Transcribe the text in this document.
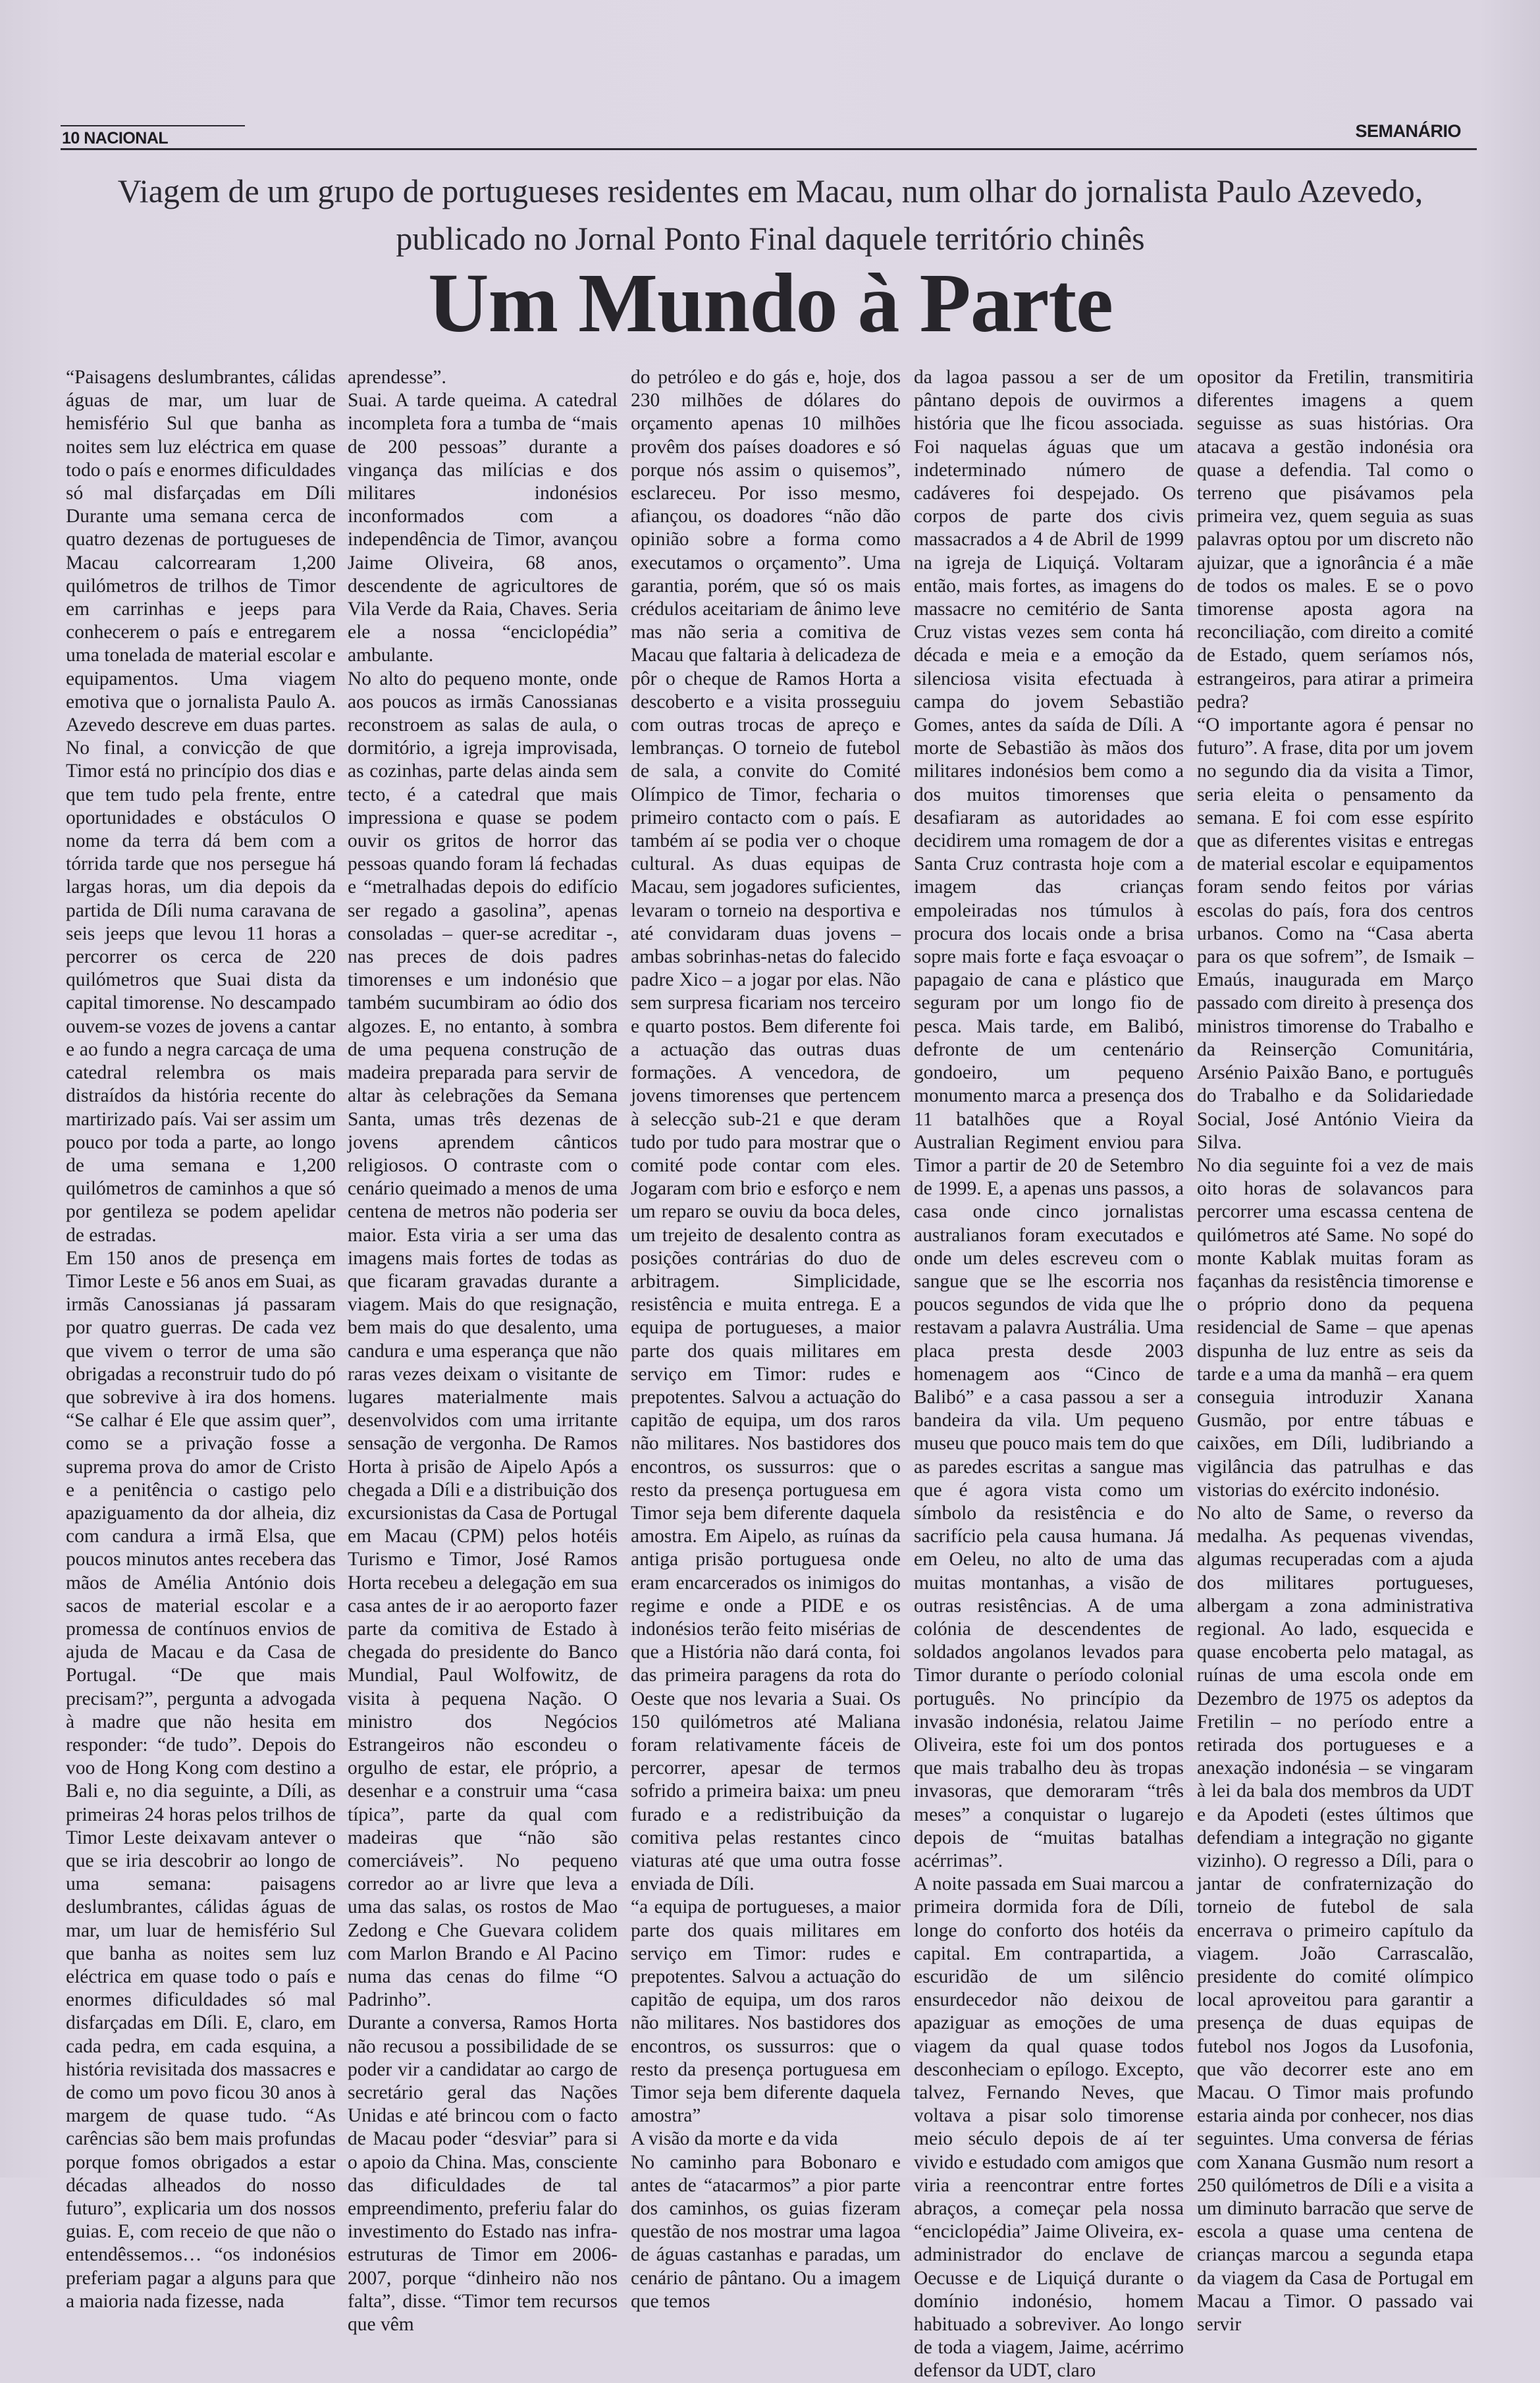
10 NACIONAL	SEMANÁRIO
Viagem de um grupo de portugueses residentes em Macau, num olhar do jornalista Paulo Azevedo, publicado no Jornal Ponto Final daquele território chinês
Um Mundo à Parte

“Paisagens deslumbrantes, cálidas águas de mar, um luar de hemisfério Sul que banha as noites sem luz eléctrica em quase todo o país e enormes dificuldades só mal disfarçadas em Díli Durante uma semana cerca de quatro dezenas de portugueses de Macau calcorrearam 1,200 quilómetros de trilhos de Timor em carrinhas e jeeps para conhecerem o país e entregarem uma tonelada de material escolar e equipamentos. Uma viagem emotiva que o jornalista Paulo A. Azevedo descreve em duas partes. No final, a convicção de que Timor está no princípio dos dias e que tem tudo pela frente, entre oportunidades e obstáculos O nome da terra dá bem com a tórrida tarde que nos persegue há largas horas, um dia depois da partida de Díli numa caravana de seis jeeps que levou 11 horas a percorrer os cerca de 220 quilómetros que Suai dista da capital timorense. No descampado ouvem-se vozes de jovens a cantar e ao fundo a negra carcaça de uma catedral relembra os mais distraídos da história recente do martirizado país. Vai ser assim um pouco por toda a parte, ao longo de uma semana e 1,200 quilómetros de caminhos a que só por gentileza se podem apelidar de estradas.

Em 150 anos de presença em Timor Leste e 56 anos em Suai, as irmãs Canossianas já passaram por quatro guerras. De cada vez que vivem o terror de uma são obrigadas a reconstruir tudo do pó que sobrevive à ira dos homens. “Se calhar é Ele que assim quer”, como se a privação fosse a suprema prova do amor de Cristo e a penitência o castigo pelo apaziguamento da dor alheia, diz com candura a irmã Elsa, que poucos minutos antes recebera das mãos de Amélia António dois sacos de material escolar e a promessa de contínuos envios de ajuda de Macau e da Casa de Portugal. “De que mais precisam?”, pergunta a advogada à madre que não hesita em responder: “de tudo”. Depois do voo de Hong Kong com destino a Bali e, no dia seguinte, a Díli, as primeiras 24 horas pelos trilhos de Timor Leste deixavam antever o que se iria descobrir ao longo de uma semana: paisagens deslumbrantes, cálidas águas de mar, um luar de hemisfério Sul que banha as noites sem luz eléctrica em quase todo o país e enormes dificuldades só mal disfarçadas em Díli. E, claro, em cada pedra, em cada esquina, a história revisitada dos massacres e de como um povo ficou 30 anos à margem de quase tudo. “As carências são bem mais profundas porque fomos obrigados a estar décadas alheados do nosso futuro”, explicaria um dos nossos guias. E, com receio de que não o entendêssemos… “os indonésios preferiam pagar a alguns para que a maioria nada fizesse, nada

aprendesse”.

Suai. A tarde queima. A catedral incompleta fora a tumba de “mais de 200 pessoas” durante a vingança das milícias e dos militares indonésios inconformados com a independência de Timor, avançou Jaime Oliveira, 68 anos, descendente de agricultores de Vila Verde da Raia, Chaves. Seria ele a nossa “enciclopédia” ambulante.

No alto do pequeno monte, onde aos poucos as irmãs Canossianas reconstroem as salas de aula, o dormitório, a igreja improvisada, as cozinhas, parte delas ainda sem tecto, é a catedral que mais impressiona e quase se podem ouvir os gritos de horror das pessoas quando foram lá fechadas e “metralhadas depois do edifício ser regado a gasolina”, apenas consoladas – quer-se acreditar -, nas preces de dois padres timorenses e um indonésio que também sucumbiram ao ódio dos algozes. E, no entanto, à sombra de uma pequena construção de madeira preparada para servir de altar às celebrações da Semana Santa, umas três dezenas de jovens aprendem cânticos religiosos. O contraste com o cenário queimado a menos de uma centena de metros não poderia ser maior. Esta viria a ser uma das imagens mais fortes de todas as que ficaram gravadas durante a viagem. Mais do que resignação, bem mais do que desalento, uma candura e uma esperança que não raras vezes deixam o visitante de lugares materialmente mais desenvolvidos com uma irritante sensação de vergonha. De Ramos Horta à prisão de Aipelo Após a chegada a Díli e a distribuição dos excursionistas da Casa de Portugal em Macau (CPM) pelos hotéis Turismo e Timor, José Ramos Horta recebeu a delegação em sua casa antes de ir ao aeroporto fazer parte da comitiva de Estado à chegada do presidente do Banco Mundial, Paul Wolfowitz, de visita à pequena Nação. O ministro dos Negócios Estrangeiros não escondeu o orgulho de estar, ele próprio, a desenhar e a construir uma “casa típica”, parte da qual com madeiras que “não são comerciáveis”. No pequeno corredor ao ar livre que leva a uma das salas, os rostos de Mao Zedong e Che Guevara colidem com Marlon Brando e Al Pacino numa das cenas do filme “O Padrinho”.

Durante a conversa, Ramos Horta não recusou a possibilidade de se poder vir a candidatar ao cargo de secretário geral das Nações Unidas e até brincou com o facto de Macau poder “desviar” para si o apoio da China. Mas, consciente das dificuldades de tal empreendimento, preferiu falar do investimento do Estado nas infra-estruturas de Timor em 2006-2007, porque “dinheiro não nos falta”, disse. “Timor tem recursos que vêm

do petróleo e do gás e, hoje, dos 230 milhões de dólares do orçamento apenas 10 milhões provêm dos países doadores e só porque nós assim o quisemos”, esclareceu. Por isso mesmo, afiançou, os doadores “não dão opinião sobre a forma como executamos o orçamento”. Uma garantia, porém, que só os mais crédulos aceitariam de ânimo leve mas não seria a comitiva de Macau que faltaria à delicadeza de pôr o cheque de Ramos Horta a descoberto e a visita prosseguiu com outras trocas de apreço e lembranças. O torneio de futebol de sala, a convite do Comité Olímpico de Timor, fecharia o primeiro contacto com o país. E também aí se podia ver o choque cultural. As duas equipas de Macau, sem jogadores suficientes, levaram o torneio na desportiva e até convidaram duas jovens – ambas sobrinhas-netas do falecido padre Xico – a jogar por elas. Não sem surpresa ficariam nos terceiro e quarto postos. Bem diferente foi a actuação das outras duas formações. A vencedora, de jovens timorenses que pertencem à selecção sub-21 e que deram tudo por tudo para mostrar que o comité pode contar com eles. Jogaram com brio e esforço e nem um reparo se ouviu da boca deles, um trejeito de desalento contra as posições contrárias do duo de arbitragem. Simplicidade, resistência e muita entrega. E a equipa de portugueses, a maior parte dos quais militares em serviço em Timor: rudes e prepotentes. Salvou a actuação do capitão de equipa, um dos raros não militares. Nos bastidores dos encontros, os sussurros: que o resto da presença portuguesa em Timor seja bem diferente daquela amostra. Em Aipelo, as ruínas da antiga prisão portuguesa onde eram encarcerados os inimigos do regime e onde a PIDE e os indonésios terão feito misérias de que a História não dará conta, foi das primeira paragens da rota do Oeste que nos levaria a Suai. Os 150 quilómetros até Maliana foram relativamente fáceis de percorrer, apesar de termos sofrido a primeira baixa: um pneu furado e a redistribuição da comitiva pelas restantes cinco viaturas até que uma outra fosse enviada de Díli.

“a equipa de portugueses, a maior parte dos quais militares em serviço em Timor: rudes e prepotentes. Salvou a actuação do capitão de equipa, um dos raros não militares. Nos bastidores dos encontros, os sussurros: que o resto da presença portuguesa em Timor seja bem diferente daquela amostra”

A visão da morte e da vida

No caminho para Bobonaro e antes de “atacarmos” a pior parte dos caminhos, os guias fizeram questão de nos mostrar uma lagoa de águas castanhas e paradas, um cenário de pântano. Ou a imagem que temos

da lagoa passou a ser de um pântano depois de ouvirmos a história que lhe ficou associada. Foi naquelas águas que um indeterminado número de cadáveres foi despejado. Os corpos de parte dos civis massacrados a 4 de Abril de 1999 na igreja de Liquiçá. Voltaram então, mais fortes, as imagens do massacre no cemitério de Santa Cruz vistas vezes sem conta há década e meia e a emoção da silenciosa visita efectuada à campa do jovem Sebastião Gomes, antes da saída de Díli. A morte de Sebastião às mãos dos militares indonésios bem como a dos muitos timorenses que desafiaram as autoridades ao decidirem uma romagem de dor a Santa Cruz contrasta hoje com a imagem das crianças empoleiradas nos túmulos à procura dos locais onde a brisa sopre mais forte e faça esvoaçar o papagaio de cana e plástico que seguram por um longo fio de pesca. Mais tarde, em Balibó, defronte de um centenário gondoeiro, um pequeno monumento marca a presença dos 11 batalhões que a Royal Australian Regiment enviou para Timor a partir de 20 de Setembro de 1999. E, a apenas uns passos, a casa onde cinco jornalistas australianos foram executados e onde um deles escreveu com o sangue que se lhe escorria nos poucos segundos de vida que lhe restavam a palavra Austrália. Uma placa presta desde 2003 homenagem aos “Cinco de Balibó” e a casa passou a ser a bandeira da vila. Um pequeno museu que pouco mais tem do que as paredes escritas a sangue mas que é agora vista como um símbolo da resistência e do sacrifício pela causa humana. Já em Oeleu, no alto de uma das muitas montanhas, a visão de outras resistências. A de uma colónia de descendentes de soldados angolanos levados para Timor durante o período colonial português. No princípio da invasão indonésia, relatou Jaime Oliveira, este foi um dos pontos que mais trabalho deu às tropas invasoras, que demoraram “três meses” a conquistar o lugarejo depois de “muitas batalhas acérrimas”.

A noite passada em Suai marcou a primeira dormida fora de Díli, longe do conforto dos hotéis da capital. Em contrapartida, a escuridão de um silêncio ensurdecedor não deixou de apaziguar as emoções de uma viagem da qual quase todos desconheciam o epílogo. Excepto, talvez, Fernando Neves, que voltava a pisar solo timorense meio século depois de aí ter vivido e estudado com amigos que viria a reencontrar entre fortes abraços, a começar pela nossa “enciclopédia” Jaime Oliveira, ex-administrador do enclave de Oecusse e de Liquiçá durante o domínio indonésio, homem habituado a sobreviver. Ao longo de toda a viagem, Jaime, acérrimo defensor da UDT, claro

opositor da Fretilin, transmitiria diferentes imagens a quem seguisse as suas histórias. Ora atacava a gestão indonésia ora quase a defendia. Tal como o terreno que pisávamos pela primeira vez, quem seguia as suas palavras optou por um discreto não ajuizar, que a ignorância é a mãe de todos os males. E se o povo timorense aposta agora na reconciliação, com direito a comité de Estado, quem seríamos nós, estrangeiros, para atirar a primeira pedra?

“O importante agora é pensar no futuro”. A frase, dita por um jovem no segundo dia da visita a Timor, seria eleita o pensamento da semana. E foi com esse espírito que as diferentes visitas e entregas de material escolar e equipamentos foram sendo feitos por várias escolas do país, fora dos centros urbanos. Como na “Casa aberta para os que sofrem”, de Ismaik – Emaús, inaugurada em Março passado com direito à presença dos ministros timorense do Trabalho e da Reinserção Comunitária, Arsénio Paixão Bano, e português do Trabalho e da Solidariedade Social, José António Vieira da Silva.

No dia seguinte foi a vez de mais oito horas de solavancos para percorrer uma escassa centena de quilómetros até Same. No sopé do monte Kablak muitas foram as façanhas da resistência timorense e o próprio dono da pequena residencial de Same – que apenas dispunha de luz entre as seis da tarde e a uma da manhã – era quem conseguia introduzir Xanana Gusmão, por entre tábuas e caixões, em Díli, ludibriando a vigilância das patrulhas e das vistorias do exército indonésio.

No alto de Same, o reverso da medalha. As pequenas vivendas, algumas recuperadas com a ajuda dos militares portugueses, albergam a zona administrativa regional. Ao lado, esquecida e quase encoberta pelo matagal, as ruínas de uma escola onde em Dezembro de 1975 os adeptos da Fretilin – no período entre a retirada dos portugueses e a anexação indonésia – se vingaram à lei da bala dos membros da UDT e da Apodeti (estes últimos que defendiam a integração no gigante vizinho). O regresso a Díli, para o jantar de confraternização do torneio de futebol de sala encerrava o primeiro capítulo da viagem. João Carrascalão, presidente do comité olímpico local aproveitou para garantir a presença de duas equipas de futebol nos Jogos da Lusofonia, que vão decorrer este ano em Macau. O Timor mais profundo estaria ainda por conhecer, nos dias seguintes. Uma conversa de férias com Xanana Gusmão num resort a 250 quilómetros de Díli e a visita a um diminuto barracão que serve de escola a quase uma centena de crianças marcou a segunda etapa da viagem da Casa de Portugal em Macau a Timor. O passado vai servir
